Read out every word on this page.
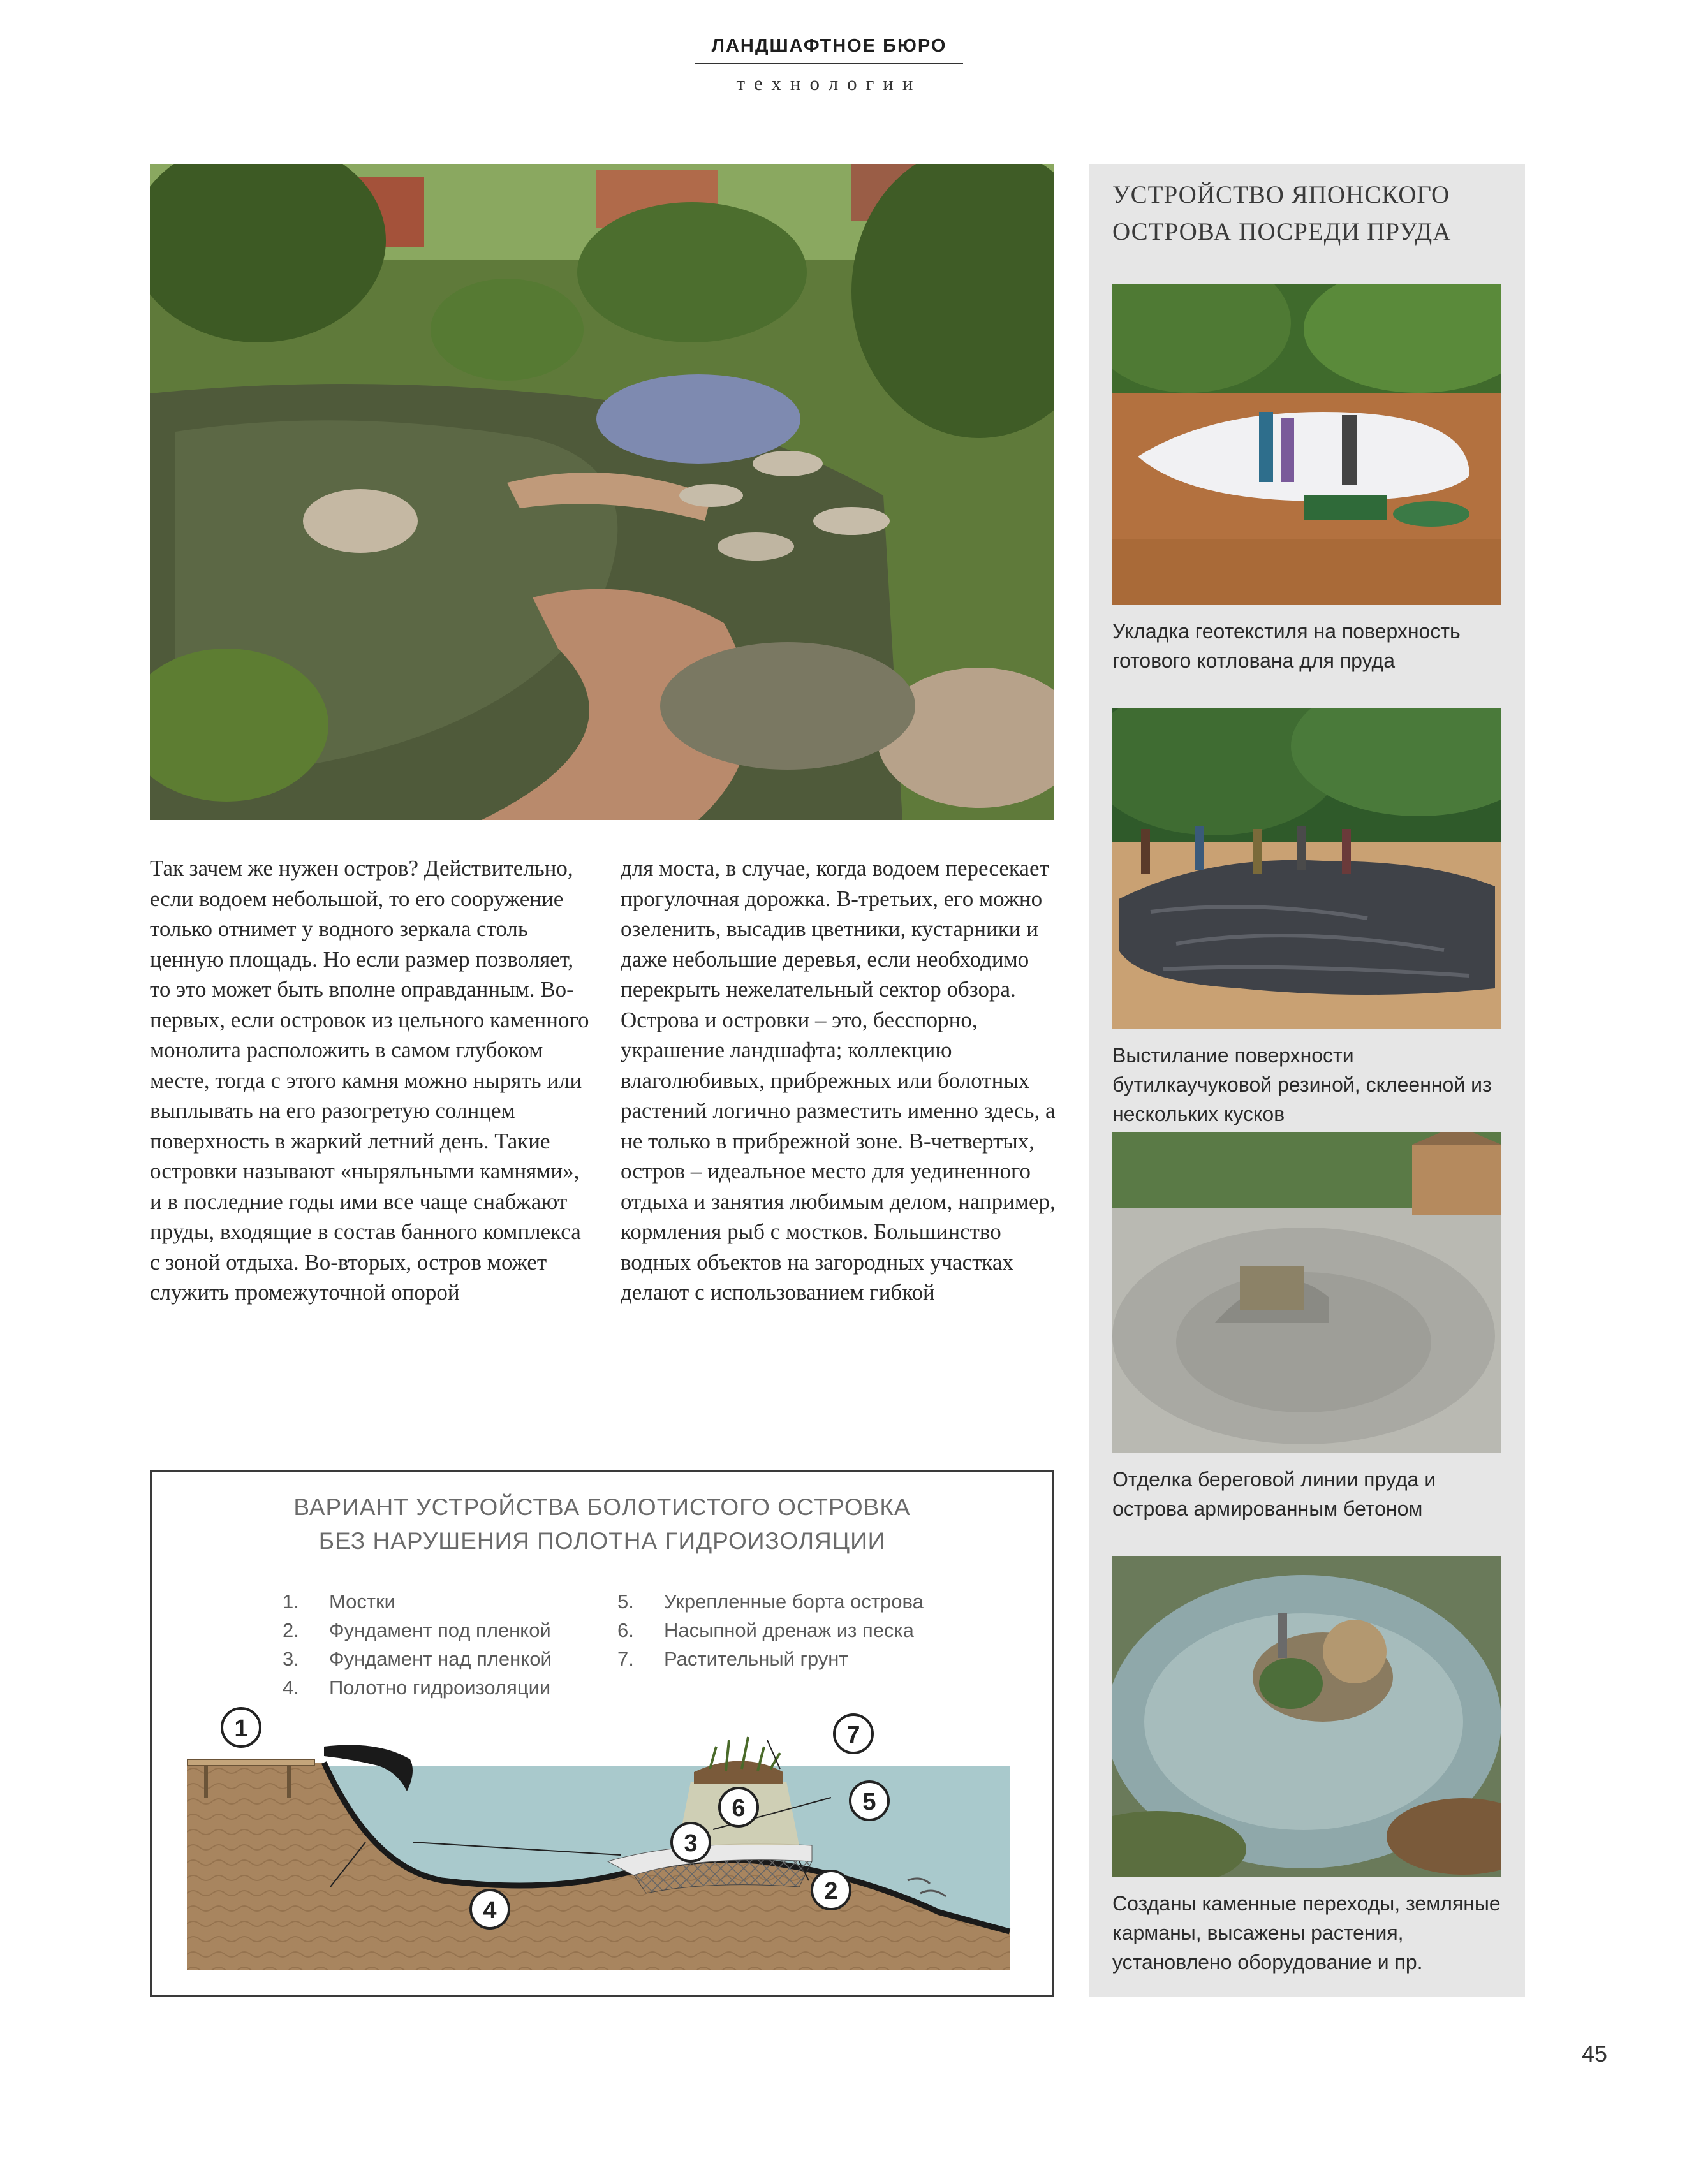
ЛАНДШАФТНОЕ БЮРО
технологии

Так зачем же нужен остров? Действительно, если водоем небольшой, то его сооружение только отнимет у водного зеркала столь ценную площадь. Но если размер позволяет, то это может быть вполне оправданным. Во-первых, если островок из цельного каменного монолита расположить в самом глубоком месте, тогда с этого камня можно нырять или выплывать на его разогретую солнцем поверхность в жаркий летний день. Такие островки называют «ныряльными камнями», и в последние годы ими все чаще снабжают пруды, входящие в состав банного комплекса с зоной отдыха. Во-вторых, остров может служить промежуточной опорой

для моста, в случае, когда водоем пересекает прогулочная дорожка. В-третьих, его можно озеленить, высадив цветники, кустарники и даже небольшие деревья, если необходимо перекрыть нежелательный сектор обзора. Острова и островки – это, бесспорно, украшение ландшафта; коллекцию влаголюбивых, прибрежных или болотных растений логично разместить именно здесь, а не только в прибрежной зоне. В-четвертых, остров – идеальное место для уединенного отдыха и занятия любимым делом, например, кормления рыб с мостков. Большинство водных объектов на загородных участках делают с использованием гибкой

ВАРИАНТ УСТРОЙСТВА БОЛОТИСТОГО ОСТРОВКА
БЕЗ НАРУШЕНИЯ ПОЛОТНА ГИДРОИЗОЛЯЦИИ
1.	Мостки
2.	Фундамент под пленкой
3.	Фундамент над пленкой
4.	Полотно гидроизоляции
5.	Укрепленные борта острова
6.	Насыпной дренаж из песка
7.	Растительный грунт
1
2
3
4
5
6
7
УСТРОЙСТВО ЯПОНСКОГО ОСТРОВА ПОСРЕДИ ПРУДА
Укладка геотекстиля на поверхность готового котлована для пруда
Выстилание поверхности бутилкаучуковой резиной, склеенной из нескольких кусков
Отделка береговой линии пруда и острова армированным бетоном
Созданы каменные переходы, земляные карманы, высажены растения, установлено оборудование и пр.
45
